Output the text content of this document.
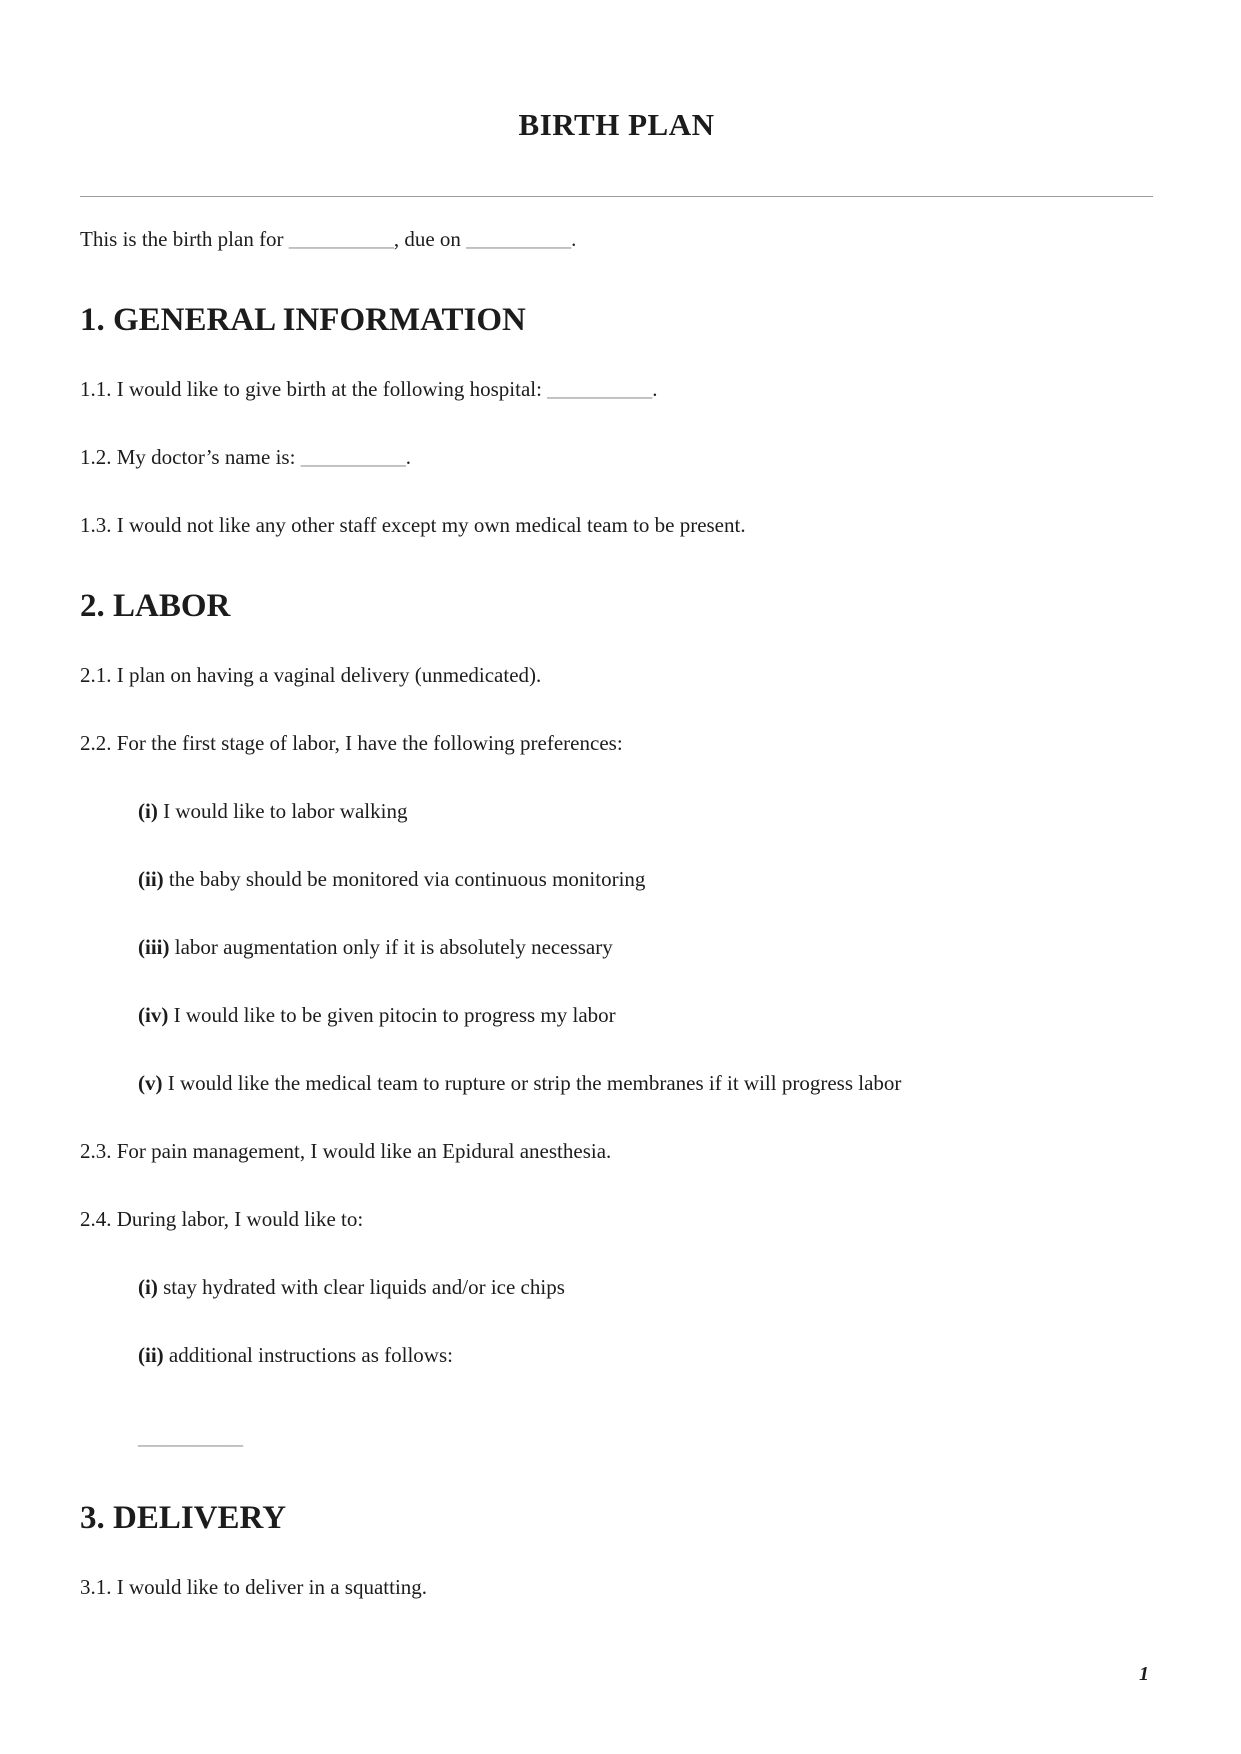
BIRTH PLAN

This is the birth plan for __________, due on __________.

1. GENERAL INFORMATION

1.1. I would like to give birth at the following hospital: __________.

1.2. My doctor’s name is: __________.

1.3. I would not like any other staff except my own medical team to be present.

2. LABOR

2.1. I plan on having a vaginal delivery (unmedicated).

2.2. For the first stage of labor, I have the following preferences:

(i) I would like to labor walking

(ii) the baby should be monitored via continuous monitoring

(iii) labor augmentation only if it is absolutely necessary

(iv) I would like to be given pitocin to progress my labor

(v) I would like the medical team to rupture or strip the membranes if it will progress labor

2.3. For pain management, I would like an Epidural anesthesia.

2.4. During labor, I would like to:

(i) stay hydrated with clear liquids and/or ice chips

(ii) additional instructions as follows:

__________

3. DELIVERY

3.1. I would like to deliver in a squatting.

1
